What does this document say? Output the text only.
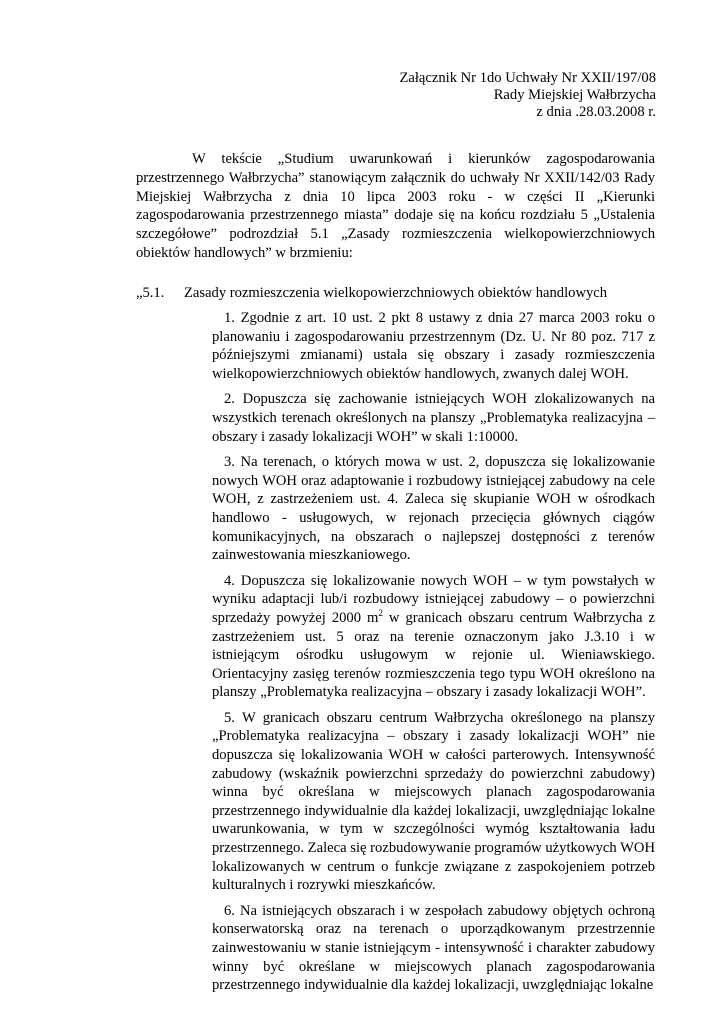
Załącznik Nr 1do Uchwały Nr XXII/197/08
Rady Miejskiej Wałbrzycha
z dnia .28.03.2008 r.
W tekście „Studium uwarunkowań i kierunków zagospodarowania przestrzennego Wałbrzycha” stanowiącym załącznik do uchwały Nr XXII/142/03 Rady Miejskiej Wałbrzycha z dnia 10 lipca 2003 roku - w części II „Kierunki zagospodarowania przestrzennego miasta” dodaje się na końcu rozdziału 5 „Ustalenia szczegółowe” podrozdział 5.1 „Zasady rozmieszczenia wielkopowierzchniowych obiektów handlowych” w brzmieniu:
„5.1. Zasady rozmieszczenia wielkopowierzchniowych obiektów handlowych

1. Zgodnie z art. 10 ust. 2 pkt 8 ustawy z dnia 27 marca 2003 roku o planowaniu i zagospodarowaniu przestrzennym (Dz. U. Nr 80 poz. 717 z późniejszymi zmianami) ustala się obszary i zasady rozmieszczenia wielkopowierzchniowych obiektów handlowych, zwanych dalej WOH.

2. Dopuszcza się zachowanie istniejących WOH zlokalizowanych na wszystkich terenach określonych na planszy „Problematyka realizacyjna – obszary i zasady lokalizacji WOH” w skali 1:10000.

3. Na terenach, o których mowa w ust. 2, dopuszcza się lokalizowanie nowych WOH oraz adaptowanie i rozbudowy istniejącej zabudowy na cele WOH, z zastrzeżeniem ust. 4. Zaleca się skupianie WOH w ośrodkach handlowo - usługowych, w rejonach przecięcia głównych ciągów komunikacyjnych, na obszarach o najlepszej dostępności z terenów zainwestowania mieszkaniowego.

4. Dopuszcza się lokalizowanie nowych WOH – w tym powstałych w wyniku adaptacji lub/i rozbudowy istniejącej zabudowy – o powierzchni sprzedaży powyżej 2000 $m^2$ w granicach obszaru centrum Wałbrzycha z zastrzeżeniem ust. 5 oraz na terenie oznaczonym jako J.3.10 i w istniejącym ośrodku usługowym w rejonie ul. Wieniawskiego. Orientacyjny zasięg terenów rozmieszczenia tego typu WOH określono na planszy „Problematyka realizacyjna – obszary i zasady lokalizacji WOH”.

5. W granicach obszaru centrum Wałbrzycha określonego na planszy „Problematyka realizacyjna – obszary i zasady lokalizacji WOH” nie dopuszcza się lokalizowania WOH w całości parterowych. Intensywność zabudowy (wskaźnik powierzchni sprzedaży do powierzchni zabudowy) winna być określana w miejscowych planach zagospodarowania przestrzennego indywidualnie dla każdej lokalizacji, uwzględniając lokalne uwarunkowania, w tym w szczególności wymóg kształtowania ładu przestrzennego. Zaleca się rozbudowywanie programów użytkowych WOH lokalizowanych w centrum o funkcje związane z zaspokojeniem potrzeb kulturalnych i rozrywki mieszkańców.

6. Na istniejących obszarach i w zespołach zabudowy objętych ochroną konserwatorską oraz na terenach o uporządkowanym przestrzennie zainwestowaniu w stanie istniejącym - intensywność i charakter zabudowy winny być określane w miejscowych planach zagospodarowania przestrzennego indywidualnie dla każdej lokalizacji, uwzględniając lokalne
